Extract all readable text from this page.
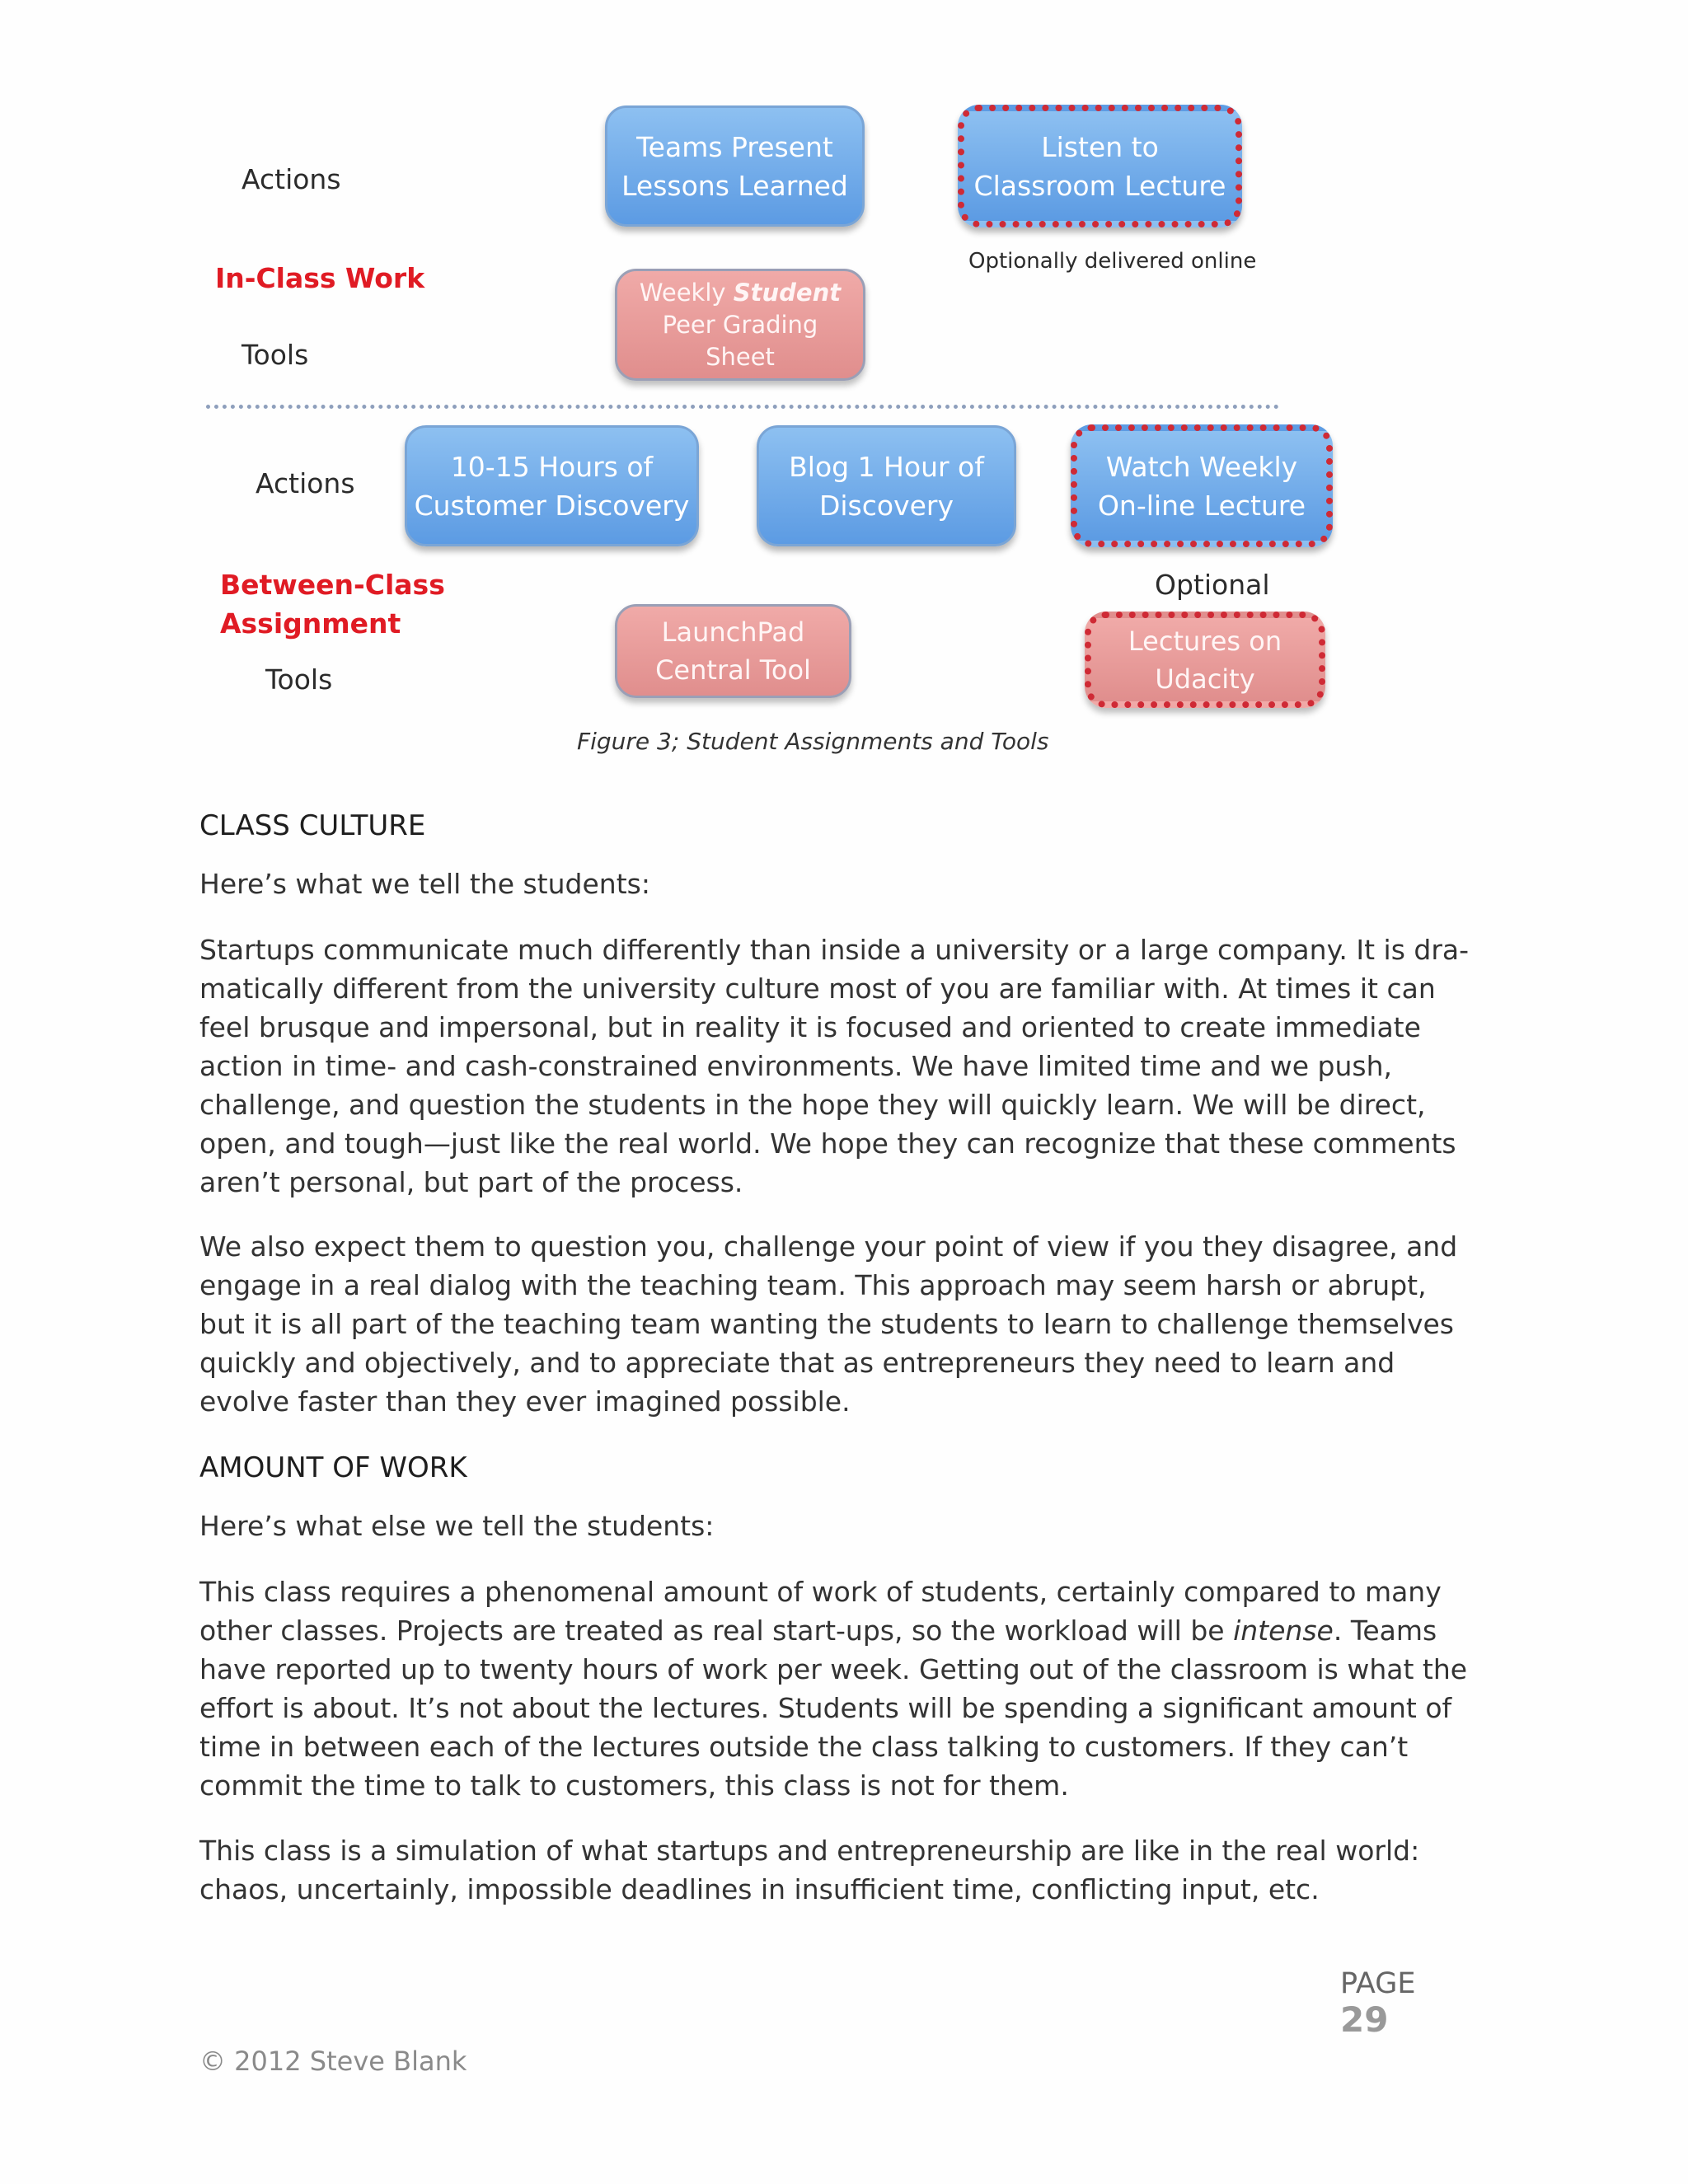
Actions
In-Class Work
Tools
Teams Present
Lessons Learned
Listen to
Classroom Lecture
Optionally delivered online
Weekly Student
Peer Grading
Sheet
Actions
Between-Class
Assignment
Tools
10-15 Hours of
Customer Discovery
Blog 1 Hour of
Discovery
Watch Weekly
On-line Lecture
Optional
LaunchPad
Central Tool
Lectures on
Udacity
Figure 3; Student Assignments and Tools
CLASS CULTURE
Here’s what we tell the students:
Startups communicate much differently than inside a university or a large company. It is dra-matically different from the university culture most of you are familiar with. At times it can feel brusque and impersonal, but in reality it is focused and oriented to create immediate action in time- and cash-constrained environments. We have limited time and we push, challenge, and question the students in the hope they will quickly learn. We will be direct, open, and tough—just like the real world. We hope they can recognize that these comments aren’t personal, but part of the process.
We also expect them to question you, challenge your point of view if you they disagree, and engage in a real dialog with the teaching team. This approach may seem harsh or abrupt, but it is all part of the teaching team wanting the students to learn to challenge themselves quickly and objectively, and to appreciate that as entrepreneurs they need to learn and evolve faster than they ever imagined possible.
AMOUNT OF WORK
Here’s what else we tell the students:
This class requires a phenomenal amount of work of students, certainly compared to many other classes. Projects are treated as real start-ups, so the workload will be intense. Teams have reported up to twenty hours of work per week. Getting out of the classroom is what the effort is about. It’s not about the lectures. Students will be spending a significant amount of time in between each of the lectures outside the class talking to customers. If they can’t commit the time to talk to customers, this class is not for them.
This class is a simulation of what startups and entrepreneurship are like in the real world: chaos, uncertainly, impossible deadlines in insufficient time, conflicting input, etc.
PAGE
29
© 2012 Steve Blank
